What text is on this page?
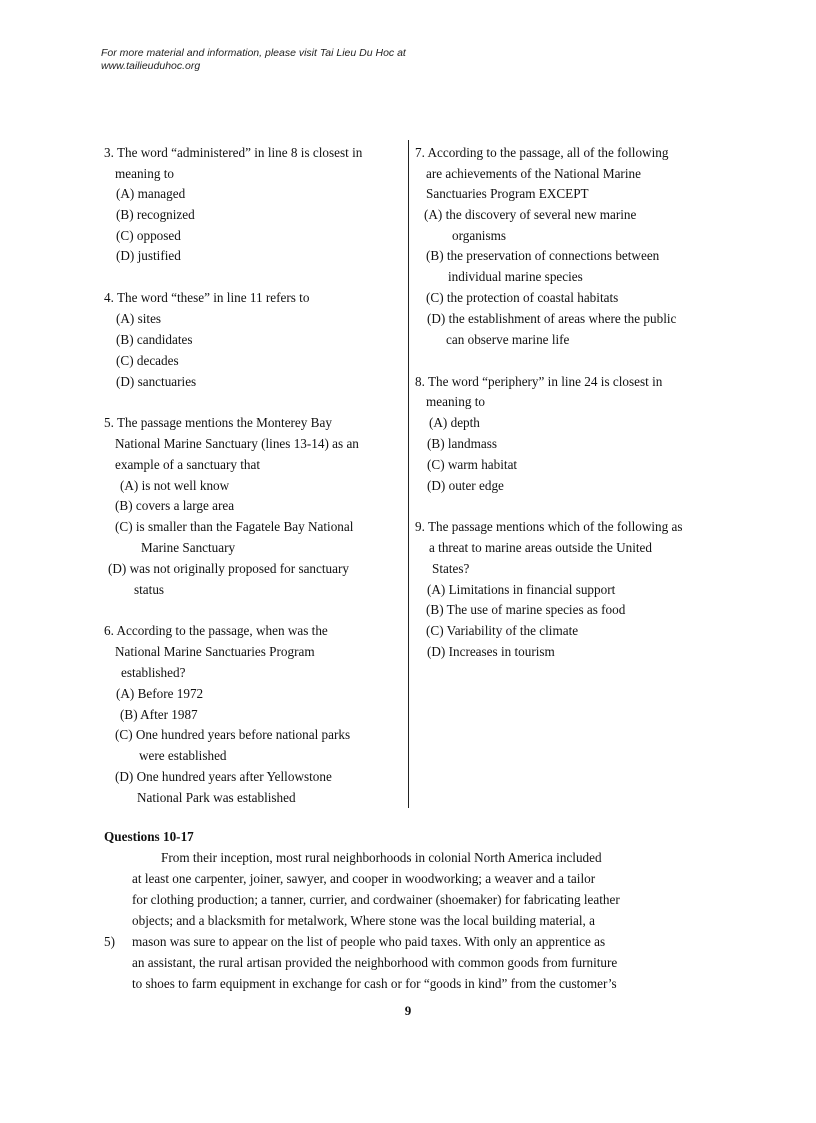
For more material and information, please visit Tai Lieu Du Hoc at
www.tailieuduhoc.org
3. The word “administered” in line 8 is closest in
meaning to
(A) managed
(B) recognized
(C) opposed
(D) justified
4. The word “these” in line 11 refers to
(A) sites
(B) candidates
(C) decades
(D) sanctuaries
5. The passage mentions the Monterey Bay
National Marine Sanctuary (lines 13-14) as an
example of a sanctuary that
(A) is not well know
(B) covers a large area
(C) is smaller than the Fagatele Bay National
Marine Sanctuary
(D) was not originally proposed for sanctuary
status
6. According to the passage, when was the
National Marine Sanctuaries Program
established?
(A) Before 1972
(B) After 1987
(C) One hundred years before national parks
were established
(D) One hundred years after Yellowstone
National Park was established
7. According to the passage, all of the following
are achievements of the National Marine
Sanctuaries Program EXCEPT
(A) the discovery of several new marine
organisms
(B) the preservation of connections between
individual marine species
(C) the protection of coastal habitats
(D) the establishment of areas where the public
can observe marine life
8. The word “periphery” in line 24 is closest in
meaning to
(A) depth
(B) landmass
(C) warm habitat
(D) outer edge
9. The passage mentions which of the following as
a threat to marine areas outside the United
States?
(A) Limitations in financial support
(B) The use of marine species as food
(C) Variability of the climate
(D) Increases in tourism
Questions 10-17
From their inception, most rural neighborhoods in colonial North America included
at least one carpenter, joiner, sawyer, and cooper in woodworking; a weaver and a tailor
for clothing production; a tanner, currier, and cordwainer (shoemaker) for fabricating leather
objects; and a blacksmith for metalwork, Where stone was the local building material, a
5) mason was sure to appear on the list of people who paid taxes. With only an apprentice as
an assistant, the rural artisan provided the neighborhood with common goods from furniture
to shoes to farm equipment in exchange for cash or for “goods in kind” from the customer’s
9
